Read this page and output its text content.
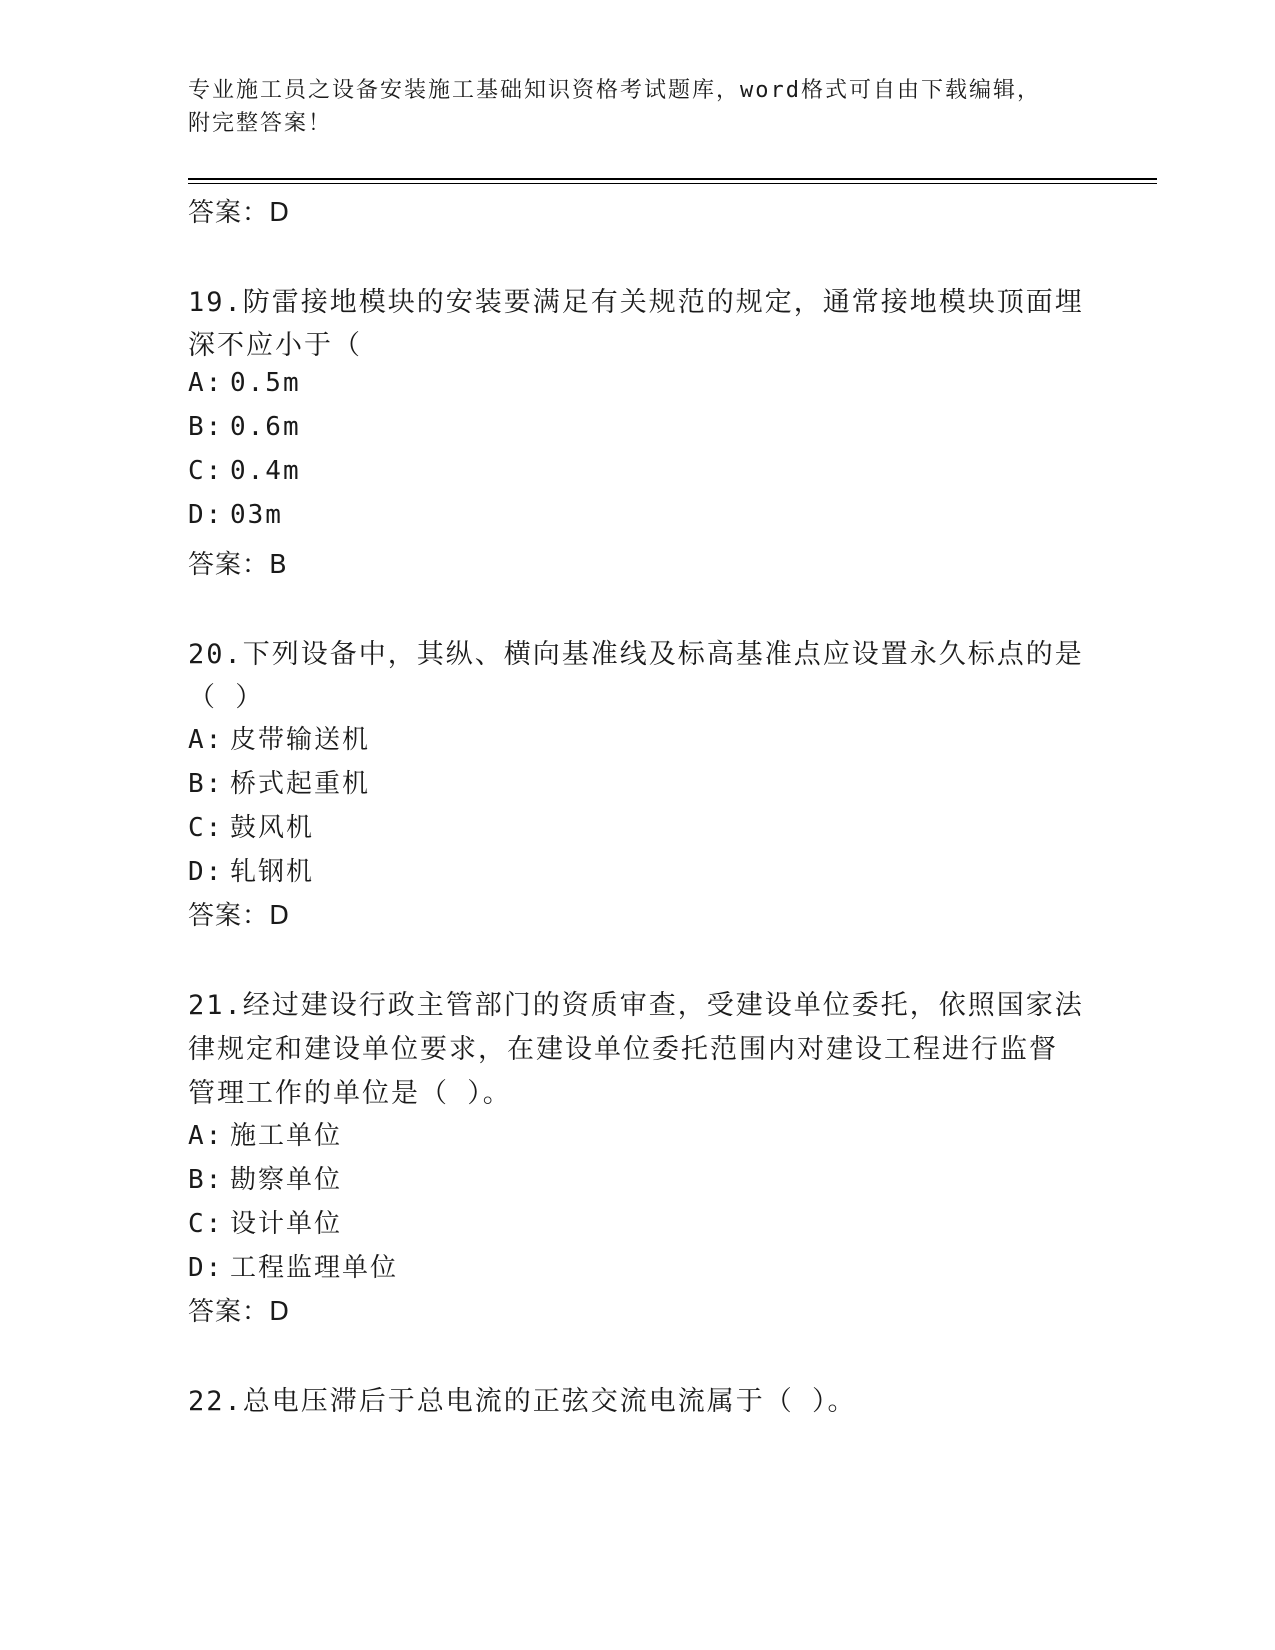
专业施工员之设备安装施工基础知识资格考试题库，word格式可自由下载编辑，
附完整答案！
答案：D
19.防雷接地模块的安装要满足有关规范的规定，通常接地模块顶面埋
深不应小于（
A: 0.5m
B: 0.6m
C: 0.4m
D: 03m
答案：B
20.下列设备中，其纵、横向基准线及标高基准点应设置永久标点的是
（ ）
A: 皮带输送机
B: 桥式起重机
C: 鼓风机
D: 轧钢机
答案：D
21.经过建设行政主管部门的资质审查，受建设单位委托，依照国家法
律规定和建设单位要求，在建设单位委托范围内对建设工程进行监督
管理工作的单位是（ ）。
A: 施工单位
B: 勘察单位
C: 设计单位
D: 工程监理单位
答案：D
22.总电压滞后于总电流的正弦交流电流属于（ ）。
